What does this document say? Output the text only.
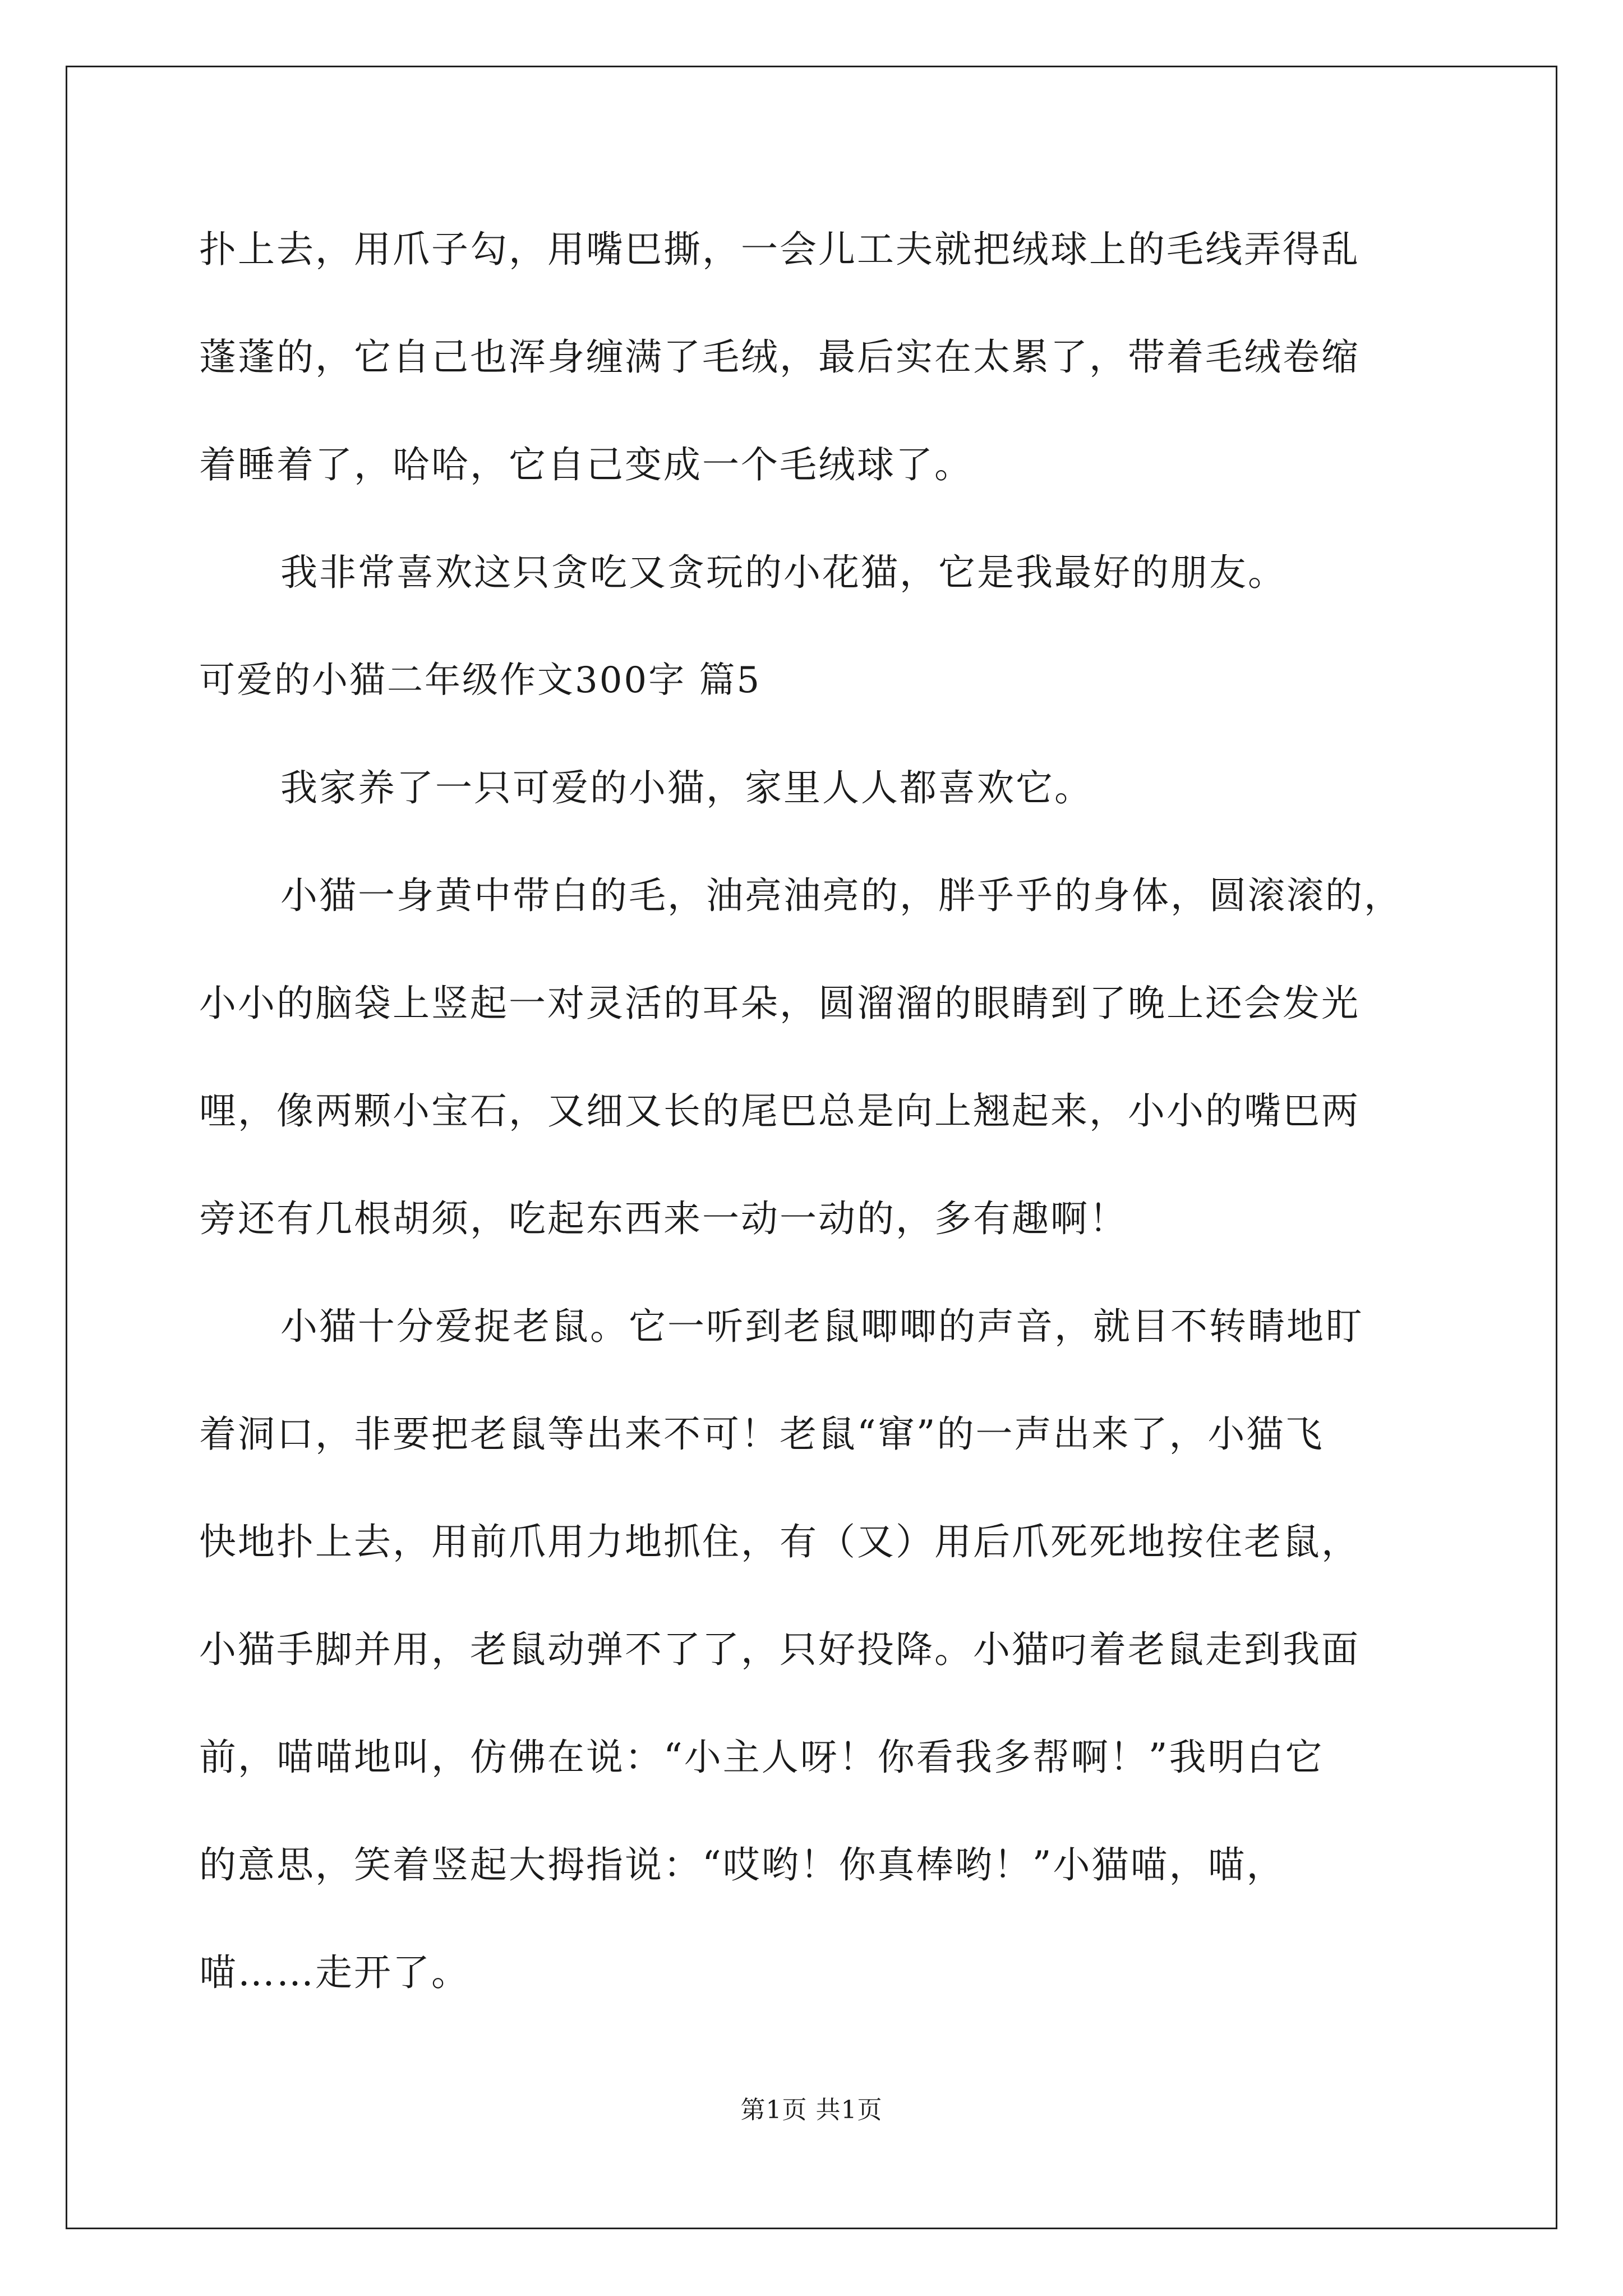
扑上去，用爪子勾，用嘴巴撕，一会儿工夫就把绒球上的毛线弄得乱
蓬蓬的，它自己也浑身缠满了毛绒，最后实在太累了，带着毛绒卷缩
着睡着了，哈哈，它自己变成一个毛绒球了。
我非常喜欢这只贪吃又贪玩的小花猫，它是我最好的朋友。
可爱的小猫二年级作文300字 篇5
我家养了一只可爱的小猫，家里人人都喜欢它。
小猫一身黄中带白的毛，油亮油亮的，胖乎乎的身体，圆滚滚的，
小小的脑袋上竖起一对灵活的耳朵，圆溜溜的眼睛到了晚上还会发光
哩，像两颗小宝石，又细又长的尾巴总是向上翘起来，小小的嘴巴两
旁还有几根胡须，吃起东西来一动一动的，多有趣啊！
小猫十分爱捉老鼠。它一听到老鼠唧唧的声音，就目不转睛地盯
着洞口，非要把老鼠等出来不可！老鼠“窜”的一声出来了，小猫飞
快地扑上去，用前爪用力地抓住，有（又）用后爪死死地按住老鼠，
小猫手脚并用，老鼠动弹不了了，只好投降。小猫叼着老鼠走到我面
前，喵喵地叫，仿佛在说：“小主人呀！你看我多帮啊！”我明白它
的意思，笑着竖起大拇指说：“哎哟！你真棒哟！”小猫喵，喵，
喵……走开了。
第1页 共1页
